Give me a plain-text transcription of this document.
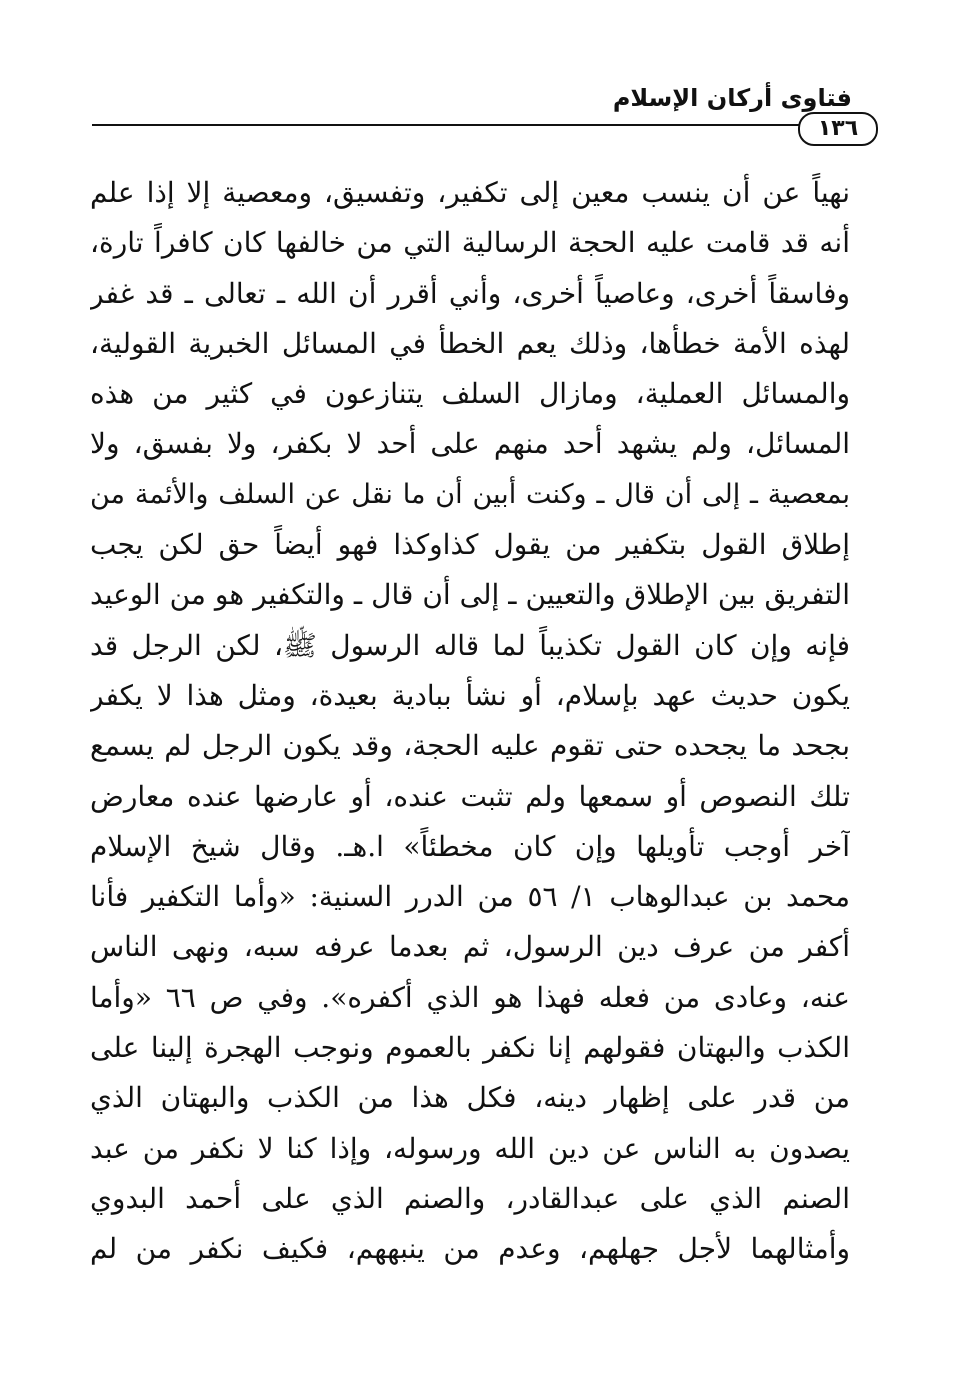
فتاوى أركان الإسلام
١٣٦
نهياً عن أن ينسب معين إلى تكفير، وتفسيق، ومعصية إلا إذا علم
أنه قد قامت عليه الحجة الرسالية التي من خالفها كان كافراً تارة،
وفاسقاً أخرى، وعاصياً أخرى، وأني أقرر أن الله ـ تعالى ـ قد غفر
لهذه الأمة خطأها، وذلك يعم الخطأ في المسائل الخبرية القولية،
والمسائل العملية، ومازال السلف يتنازعون في كثير من هذه
المسائل، ولم يشهد أحد منهم على أحد لا بكفر، ولا بفسق، ولا
بمعصية ـ إلى أن قال ـ وكنت أبين أن ما نقل عن السلف والأئمة من
إطلاق القول بتكفير من يقول كذاوكذا فهو أيضاً حق لكن يجب
التفريق بين الإطلاق والتعيين ـ إلى أن قال ـ والتكفير هو من الوعيد
فإنه وإن كان القول تكذيباً لما قاله الرسول ﷺ، لكن الرجل قد
يكون حديث عهد بإسلام، أو نشأ ببادية بعيدة، ومثل هذا لا يكفر
بجحد ما يجحده حتى تقوم عليه الحجة، وقد يكون الرجل لم يسمع
تلك النصوص أو سمعها ولم تثبت عنده، أو عارضها عنده معارض
آخر أوجب تأويلها وإن كان مخطئاً» ا.هـ. وقال شيخ الإسلام
محمد بن عبدالوهاب ١/ ٥٦ من الدرر السنية: «وأما التكفير فأنا
أكفر من عرف دين الرسول، ثم بعدما عرفه سبه، ونهى الناس
عنه، وعادى من فعله فهذا هو الذي أكفره». وفي ص ٦٦ «وأما
الكذب والبهتان فقولهم إنا نكفر بالعموم ونوجب الهجرة إلينا على
من قدر على إظهار دينه، فكل هذا من الكذب والبهتان الذي
يصدون به الناس عن دين الله ورسوله، وإذا كنا لا نكفر من عبد
الصنم الذي على عبدالقادر، والصنم الذي على أحمد البدوي
وأمثالهما لأجل جهلهم، وعدم من ينبههم، فكيف نكفر من لم
